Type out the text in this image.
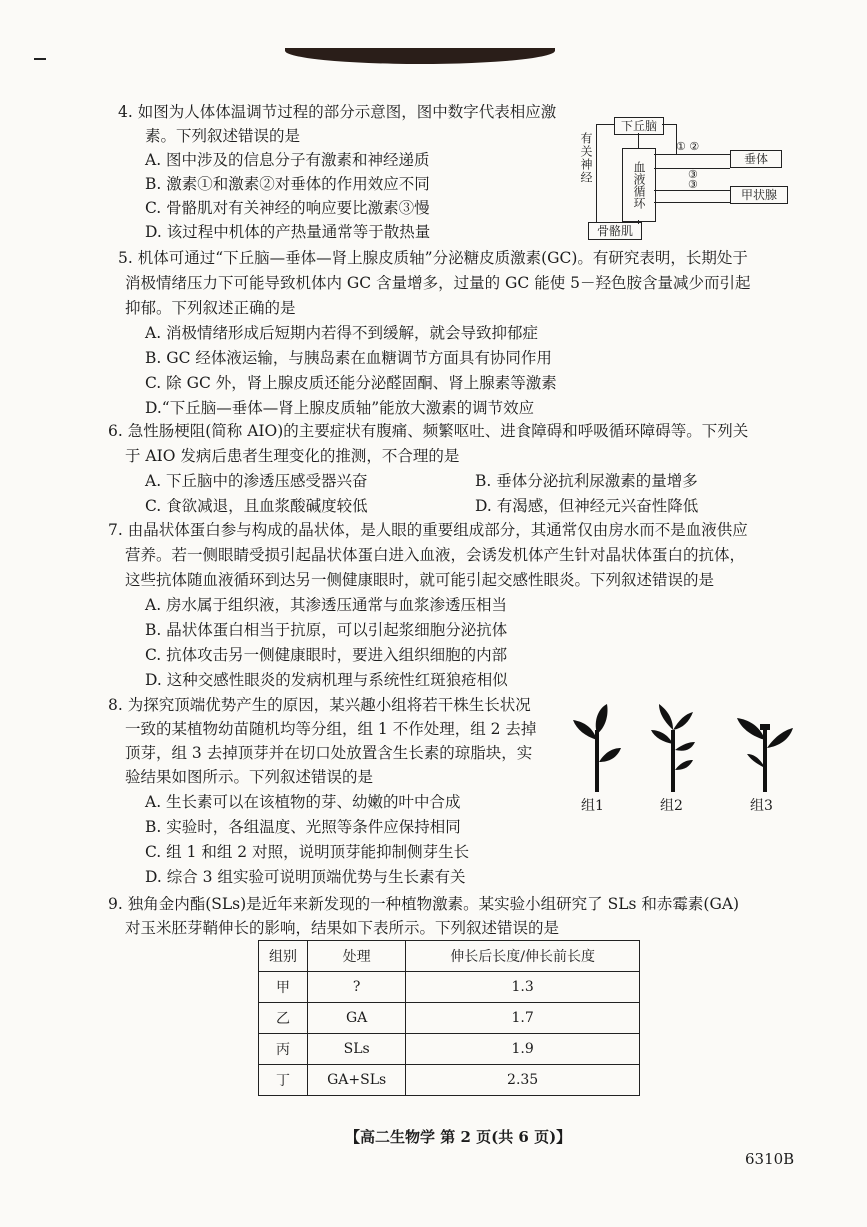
4. 如图为人体体温调节过程的部分示意图，图中数字代表相应激
素。下列叙述错误的是
A. 图中涉及的信息分子有激素和神经递质
B. 激素①和激素②对垂体的作用效应不同
C. 骨骼肌对有关神经的响应要比激素③慢
D. 该过程中机体的产热量通常等于散热量
有关神经
下丘脑
血液循环
垂体
甲状腺
骨骼肌
① ②
③
③
5. 机体可通过“下丘脑—垂体—肾上腺皮质轴”分泌糖皮质激素(GC)。有研究表明，长期处于
消极情绪压力下可能导致机体内 GC 含量增多，过量的 GC 能使 5－羟色胺含量减少而引起
抑郁。下列叙述正确的是
A. 消极情绪形成后短期内若得不到缓解，就会导致抑郁症
B. GC 经体液运输，与胰岛素在血糖调节方面具有协同作用
C. 除 GC 外，肾上腺皮质还能分泌醛固酮、肾上腺素等激素
D.“下丘脑—垂体—肾上腺皮质轴”能放大激素的调节效应
6. 急性肠梗阻(简称 AIO)的主要症状有腹痛、频繁呕吐、进食障碍和呼吸循环障碍等。下列关
于 AIO 发病后患者生理变化的推测，不合理的是
A. 下丘脑中的渗透压感受器兴奋	B. 垂体分泌抗利尿激素的量增多
C. 食欲减退，且血浆酸碱度较低	D. 有渴感，但神经元兴奋性降低
7. 由晶状体蛋白参与构成的晶状体，是人眼的重要组成部分，其通常仅由房水而不是血液供应
营养。若一侧眼睛受损引起晶状体蛋白进入血液，会诱发机体产生针对晶状体蛋白的抗体，
这些抗体随血液循环到达另一侧健康眼时，就可能引起交感性眼炎。下列叙述错误的是
A. 房水属于组织液，其渗透压通常与血浆渗透压相当
B. 晶状体蛋白相当于抗原，可以引起浆细胞分泌抗体
C. 抗体攻击另一侧健康眼时，要进入组织细胞的内部
D. 这种交感性眼炎的发病机理与系统性红斑狼疮相似
8. 为探究顶端优势产生的原因，某兴趣小组将若干株生长状况
一致的某植物幼苗随机均等分组，组 1 不作处理，组 2 去掉
顶芽，组 3 去掉顶芽并在切口处放置含生长素的琼脂块，实
验结果如图所示。下列叙述错误的是
A. 生长素可以在该植物的芽、幼嫩的叶中合成
B. 实验时，各组温度、光照等条件应保持相同
C. 组 1 和组 2 对照，说明顶芽能抑制侧芽生长
D. 综合 3 组实验可说明顶端优势与生长素有关
组1	组2	组3
9. 独角金内酯(SLs)是近年来新发现的一种植物激素。某实验小组研究了 SLs 和赤霉素(GA)
对玉米胚芽鞘伸长的影响，结果如下表所示。下列叙述错误的是
组别	处理	伸长后长度/伸长前长度
甲	?	1.3
乙	GA	1.7
丙	SLs	1.9
丁	GA+SLs	2.35
【高二生物学 第 2 页(共 6 页)】
6310B
